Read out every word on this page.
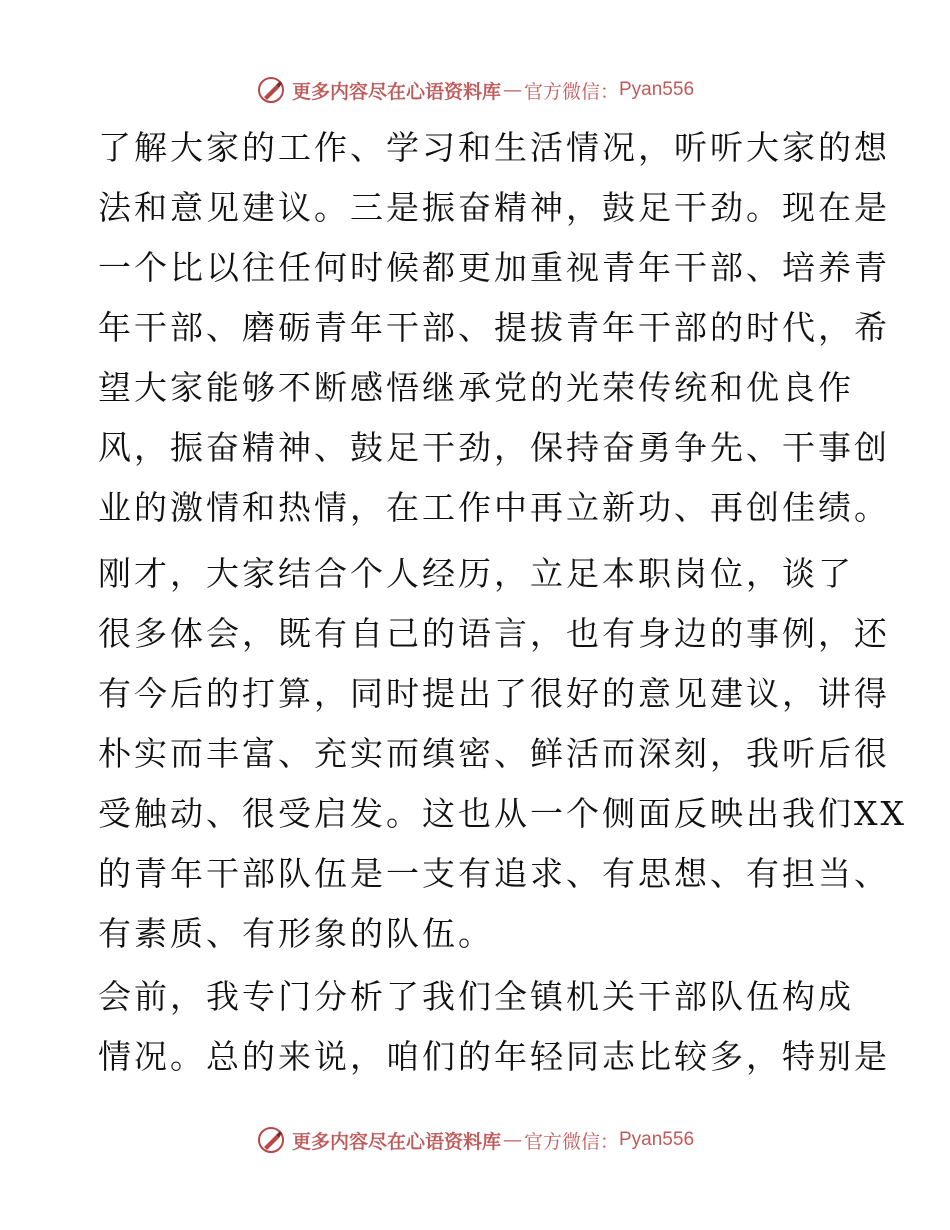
更多内容尽在心语资料库 — 官方微信： Pyan556
了解大家的工作、学习和生活情况，听听大家的想
法和意见建议。三是振奋精神，鼓足干劲。现在是
一个比以往任何时候都更加重视青年干部、培养青
年干部、磨砺青年干部、提拔青年干部的时代，希
望大家能够不断感悟继承党的光荣传统和优良作
风，振奋精神、鼓足干劲，保持奋勇争先、干事创
业的激情和热情，在工作中再立新功、再创佳绩。
刚才，大家结合个人经历，立足本职岗位，谈了
很多体会，既有自己的语言，也有身边的事例，还
有今后的打算，同时提出了很好的意见建议，讲得
朴实而丰富、充实而缜密、鲜活而深刻，我听后很
受触动、很受启发。这也从一个侧面反映出我们XX
的青年干部队伍是一支有追求、有思想、有担当、
有素质、有形象的队伍。
会前，我专门分析了我们全镇机关干部队伍构成
情况。总的来说，咱们的年轻同志比较多，特别是
更多内容尽在心语资料库 — 官方微信： Pyan556
